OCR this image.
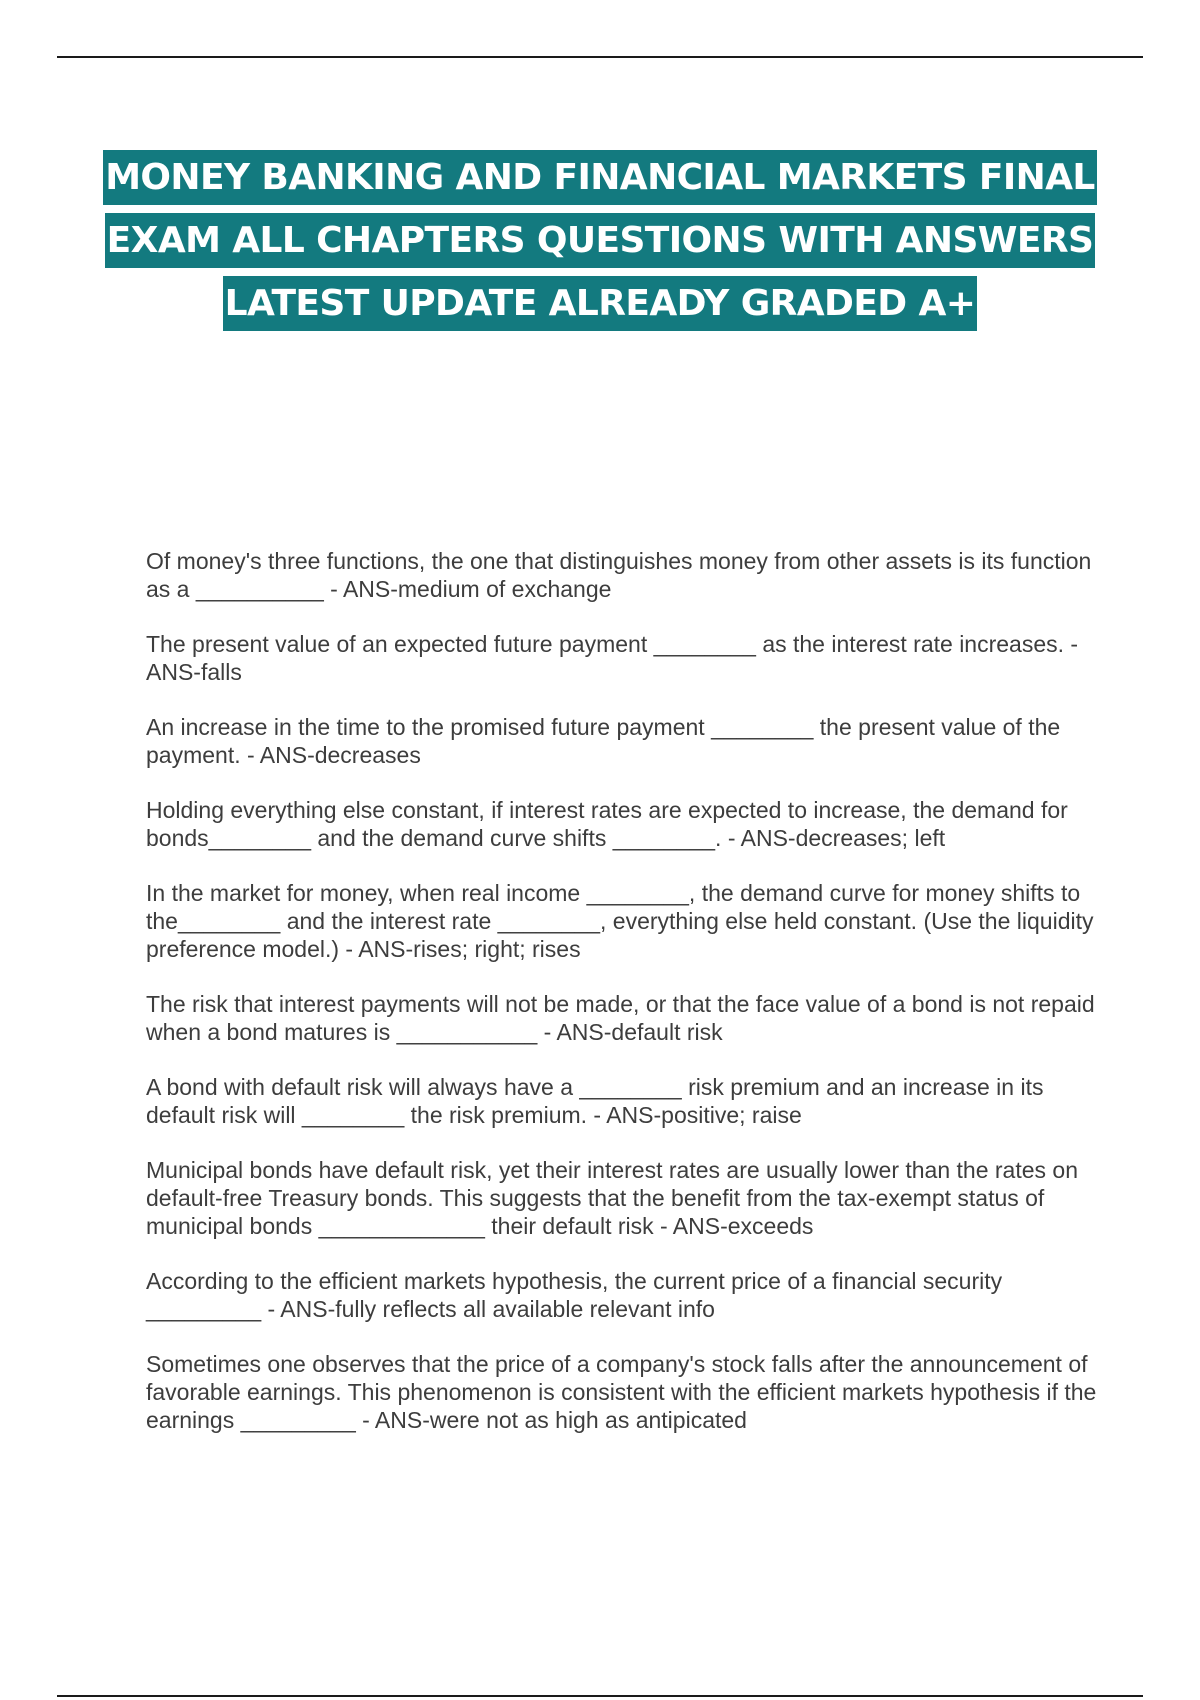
MONEY BANKING AND FINANCIAL MARKETS FINAL
EXAM ALL CHAPTERS QUESTIONS WITH ANSWERS
LATEST UPDATE ALREADY GRADED A+
Of money's three functions, the one that distinguishes money from other assets is its function as a __________ - ANS-medium of exchange
The present value of an expected future payment ________ as the interest rate increases. - ANS-falls
An increase in the time to the promised future payment ________ the present value of the payment. - ANS-decreases
Holding everything else constant, if interest rates are expected to increase, the demand for bonds________ and the demand curve shifts ________. - ANS-decreases; left
In the market for money, when real income ________, the demand curve for money shifts to the________ and the interest rate ________, everything else held constant. (Use the liquidity preference model.) - ANS-rises; right; rises
The risk that interest payments will not be made, or that the face value of a bond is not repaid when a bond matures is ___________ - ANS-default risk
A bond with default risk will always have a ________ risk premium and an increase in its default risk will ________ the risk premium. - ANS-positive; raise
Municipal bonds have default risk, yet their interest rates are usually lower than the rates on default-free Treasury bonds. This suggests that the benefit from the tax-exempt status of municipal bonds _____________ their default risk - ANS-exceeds
According to the efficient markets hypothesis, the current price of a financial security _________ - ANS-fully reflects all available relevant info
Sometimes one observes that the price of a company's stock falls after the announcement of favorable earnings. This phenomenon is consistent with the efficient markets hypothesis if the earnings _________ - ANS-were not as high as antipicated
